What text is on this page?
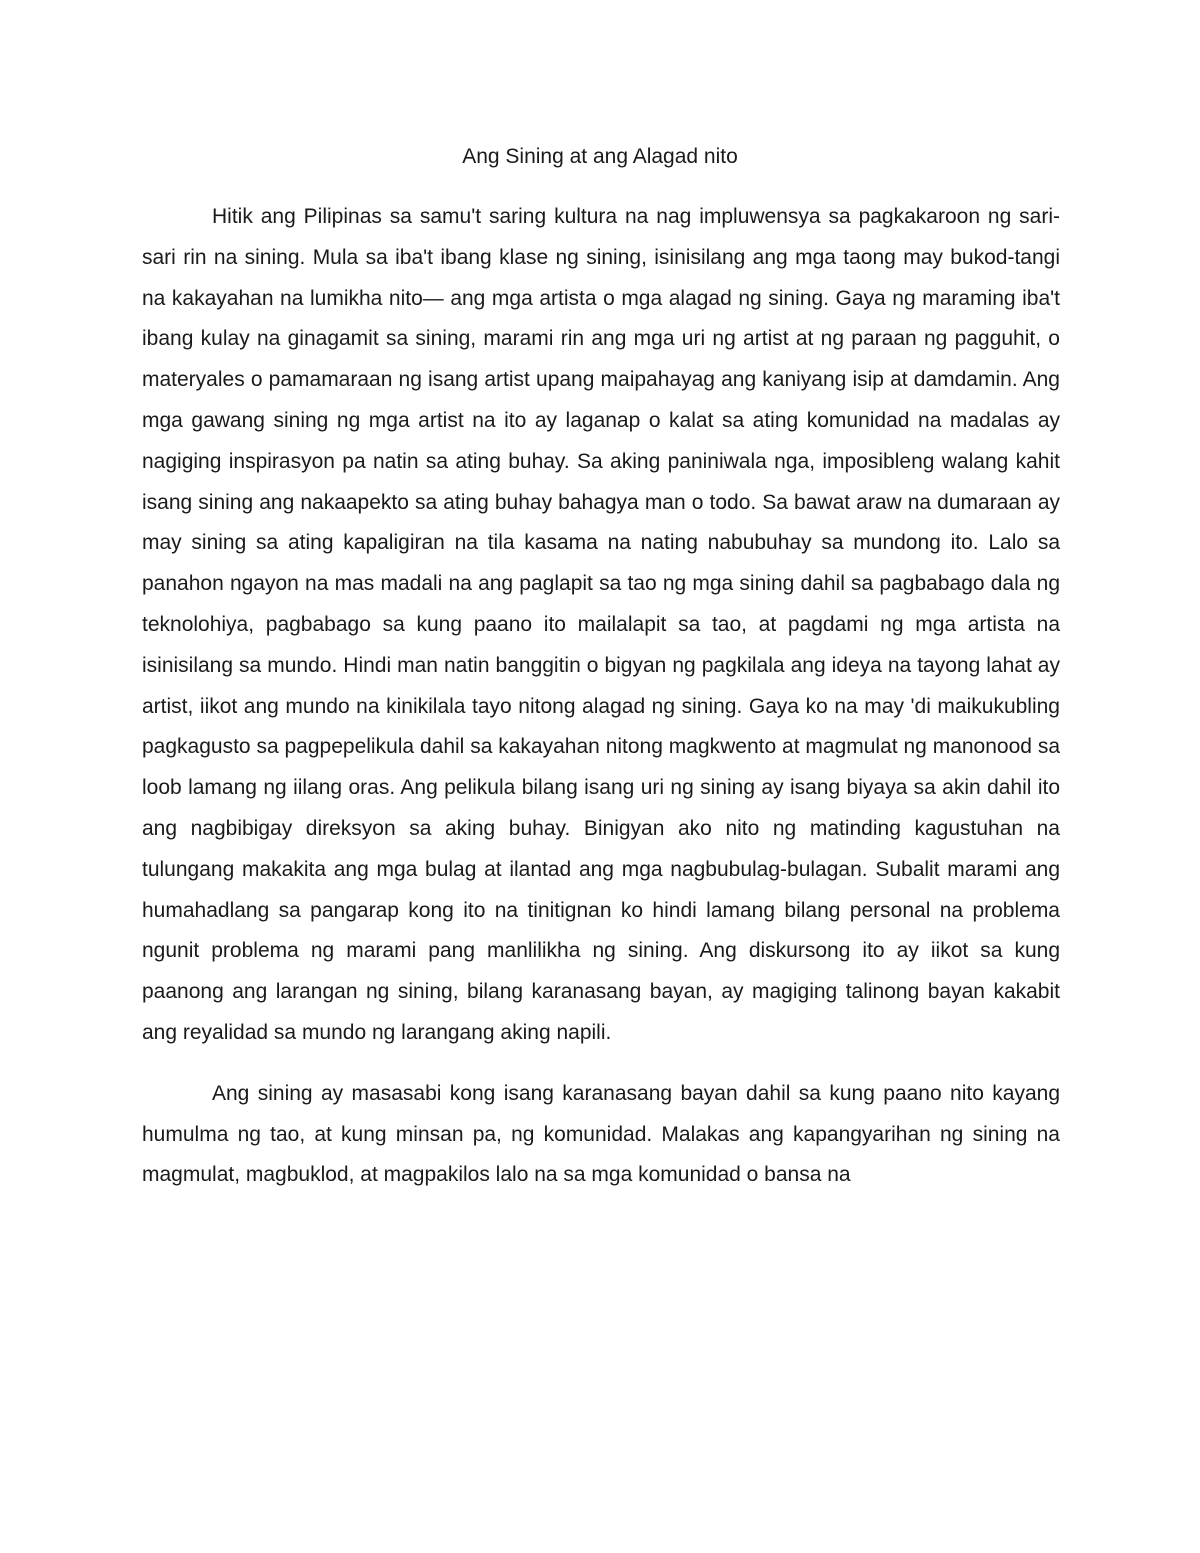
Ang Sining at ang Alagad nito

Hitik ang Pilipinas sa samu't saring kultura na nag impluwensya sa pagkakaroon ng sari-sari rin na sining. Mula sa iba't ibang klase ng sining, isinisilang ang mga taong may bukod-tangi na kakayahan na lumikha nito— ang mga artista o mga alagad ng sining. Gaya ng maraming iba't ibang kulay na ginagamit sa sining, marami rin ang mga uri ng artist at ng paraan ng pagguhit, o materyales o pamamaraan ng isang artist upang maipahayag ang kaniyang isip at damdamin. Ang mga gawang sining ng mga artist na ito ay laganap o kalat sa ating komunidad na madalas ay nagiging inspirasyon pa natin sa ating buhay. Sa aking paniniwala nga, imposibleng walang kahit isang sining ang nakaapekto sa ating buhay bahagya man o todo. Sa bawat araw na dumaraan ay may sining sa ating kapaligiran na tila kasama na nating nabubuhay sa mundong ito. Lalo sa panahon ngayon na mas madali na ang paglapit sa tao ng mga sining dahil sa pagbabago dala ng teknolohiya, pagbabago sa kung paano ito mailalapit sa tao, at pagdami ng mga artista na isinisilang sa mundo. Hindi man natin banggitin o bigyan ng pagkilala ang ideya na tayong lahat ay artist, iikot ang mundo na kinikilala tayo nitong alagad ng sining. Gaya ko na may 'di maikukubling pagkagusto sa pagpepelikula dahil sa kakayahan nitong magkwento at magmulat ng manonood sa loob lamang ng iilang oras. Ang pelikula bilang isang uri ng sining ay isang biyaya sa akin dahil ito ang nagbibigay direksyon sa aking buhay. Binigyan ako nito ng matinding kagustuhan na tulungang makakita ang mga bulag at ilantad ang mga nagbubulag-bulagan. Subalit marami ang humahadlang sa pangarap kong ito na tinitignan ko hindi lamang bilang personal na problema ngunit problema ng marami pang manlilikha ng sining. Ang diskursong ito ay iikot sa kung paanong ang larangan ng sining, bilang karanasang bayan, ay magiging talinong bayan kakabit ang reyalidad sa mundo ng larangang aking napili.

Ang sining ay masasabi kong isang karanasang bayan dahil sa kung paano nito kayang humulma ng tao, at kung minsan pa, ng komunidad. Malakas ang kapangyarihan ng sining na magmulat, magbuklod, at magpakilos lalo na sa mga komunidad o bansa na
